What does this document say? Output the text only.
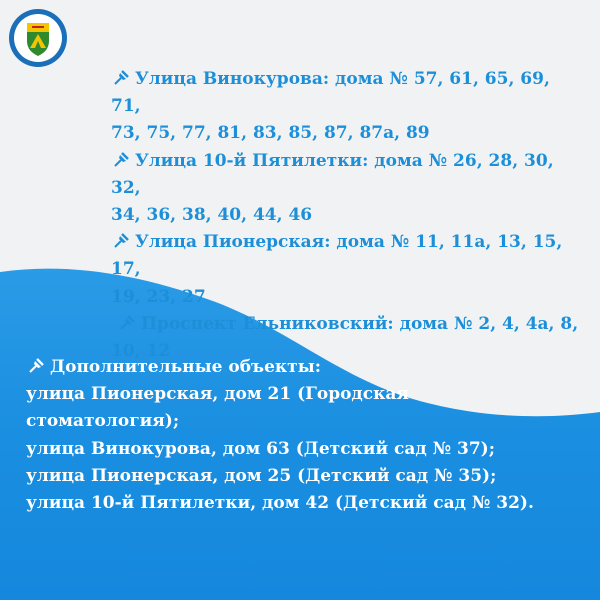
Улица Винокурова: дома № 57, 61, 65, 69, 71,

73, 75, 77, 81, 83, 85, 87, 87а, 89

Улица 10-й Пятилетки: дома № 26, 28, 30, 32,

34, 36, 38, 40, 44, 46

Улица Пионерская: дома № 11, 11а, 13, 15, 17,

19, 23, 27

Проспект Ельниковский: дома № 2, 4, 4а, 8,

10, 12

Дополнительные объекты:

улица Пионерская, дом 21 (Городская

стоматология);

улица Винокурова, дом 63 (Детский сад № 37);

улица Пионерская, дом 25 (Детский сад № 35);

улица 10-й Пятилетки, дом 42 (Детский сад № 32).
